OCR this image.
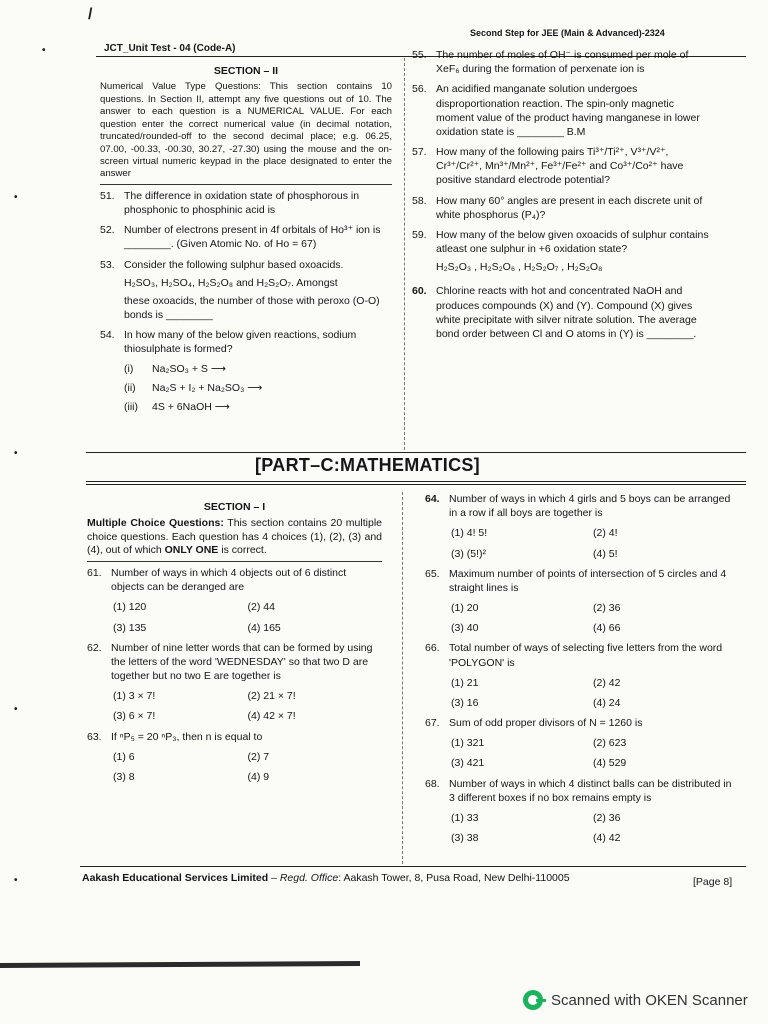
/
•
•
•
•
•
JCT_Unit Test - 04 (Code-A)
Second Step for JEE (Main & Advanced)-2324
SECTION – II
Numerical Value Type Questions: This section contains 10 questions. In Section II, attempt any five questions out of 10. The answer to each question is a NUMERICAL VALUE. For each question enter the correct numerical value (in decimal notation, truncated/rounded-off to the second decimal place; e.g. 06.25, 07.00, -00.33, -00.30, 30.27, -27.30) using the mouse and the on-screen virtual numeric keypad in the place designated to enter the answer
51. The difference in oxidation state of phosphorous in phosphonic to phosphinic acid is
52. Number of electrons present in 4f orbitals of Ho³⁺ ion is ________. (Given Atomic No. of Ho = 67)
53. Consider the following sulphur based oxoacids.
H₂SO₃, H₂SO₄, H₂S₂O₈ and H₂S₂O₇. Amongst
these oxoacids, the number of those with peroxo (O-O) bonds is ________
54. In how many of the below given reactions, sodium thiosulphate is formed?
(i) Na₂SO₃ + S ⟶
(ii) Na₂S + I₂ + Na₂SO₃ ⟶
(iii) 4S + 6NaOH ⟶
55. The number of moles of OH⁻ is consumed per mole of XeF₆ during the formation of perxenate ion is
56. An acidified manganate solution undergoes disproportionation reaction. The spin-only magnetic moment value of the product having manganese in lower oxidation state is ________ B.M
57. How many of the following pairs Ti³⁺/Ti²⁺, V³⁺/V²⁺, Cr³⁺/Cr²⁺, Mn³⁺/Mn²⁺, Fe³⁺/Fe²⁺ and Co³⁺/Co²⁺ have positive standard electrode potential?
58. How many 60° angles are present in each discrete unit of white phosphorus (P₄)?
59. How many of the below given oxoacids of sulphur contains atleast one sulphur in +6 oxidation state?
H₂S₂O₃ , H₂S₂O₆ , H₂S₂O₇ , H₂S₂O₈
60. Chlorine reacts with hot and concentrated NaOH and produces compounds (X) and (Y). Compound (X) gives white precipitate with silver nitrate solution. The average bond order between Cl and O atoms in (Y) is ________.
[PART–C:MATHEMATICS]
SECTION – I
Multiple Choice Questions: This section contains 20 multiple choice questions. Each question has 4 choices (1), (2), (3) and (4), out of which ONLY ONE is correct.
61. Number of ways in which 4 objects out of 6 distinct objects can be deranged are
(1) 120	(2) 44
(3) 135	(4) 165
62. Number of nine letter words that can be formed by using the letters of the word 'WEDNESDAY' so that two D are together but no two E are together is
(1) 3 × 7!	(2) 21 × 7!
(3) 6 × 7!	(4) 42 × 7!
63. If ⁿP₅ = 20 ⁿP₃, then n is equal to
(1) 6	(2) 7
(3) 8	(4) 9
64. Number of ways in which 4 girls and 5 boys can be arranged in a row if all boys are together is
(1) 4! 5!	(2) 4!
(3) (5!)²	(4) 5!
65. Maximum number of points of intersection of 5 circles and 4 straight lines is
(1) 20	(2) 36
(3) 40	(4) 66
66. Total number of ways of selecting five letters from the word 'POLYGON' is
(1) 21	(2) 42
(3) 16	(4) 24
67. Sum of odd proper divisors of N = 1260 is
(1) 321	(2) 623
(3) 421	(4) 529
68. Number of ways in which 4 distinct balls can be distributed in 3 different boxes if no box remains empty is
(1) 33	(2) 36
(3) 38	(4) 42
Aakash Educational Services Limited – Regd. Office: Aakash Tower, 8, Pusa Road, New Delhi-110005	[Page 8]
Scanned with OKEN Scanner
